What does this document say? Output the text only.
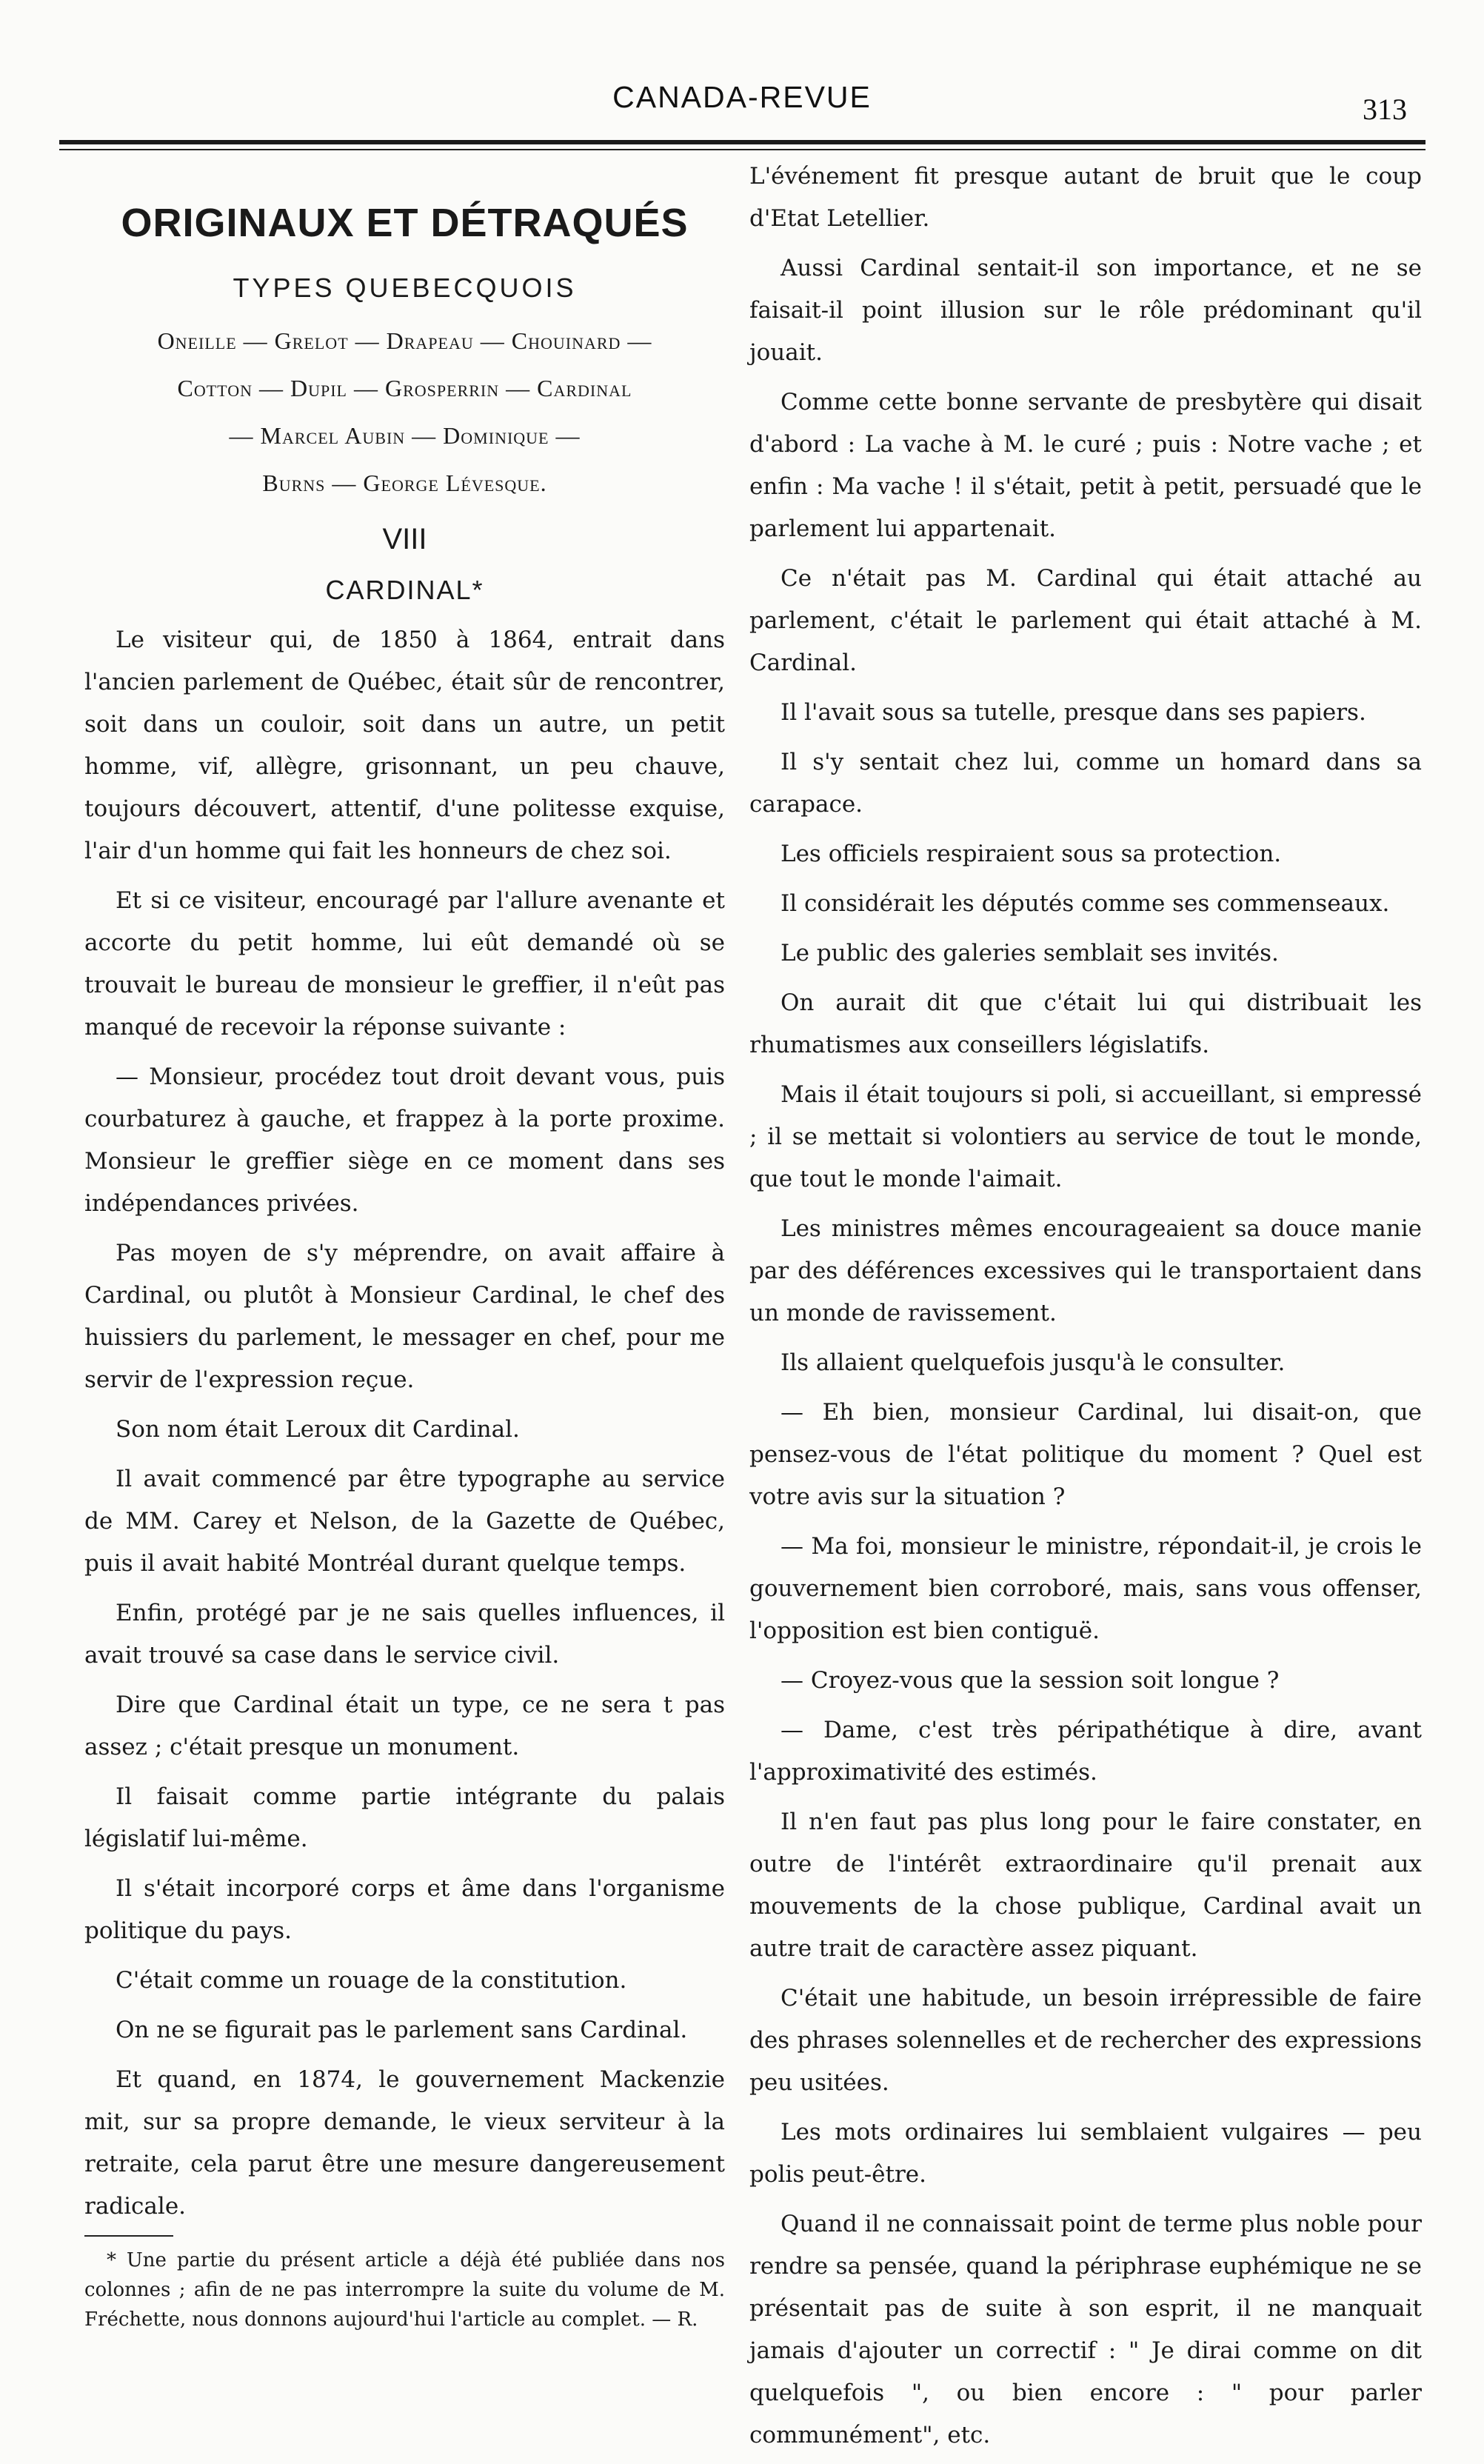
CANADA-REVUE	313
ORIGINAUX ET DÉTRAQUÉS
TYPES QUEBECQUOIS
Oneille — Grelot — Drapeau — Chouinard —
Cotton — Dupil — Grosperrin — Cardinal
— Marcel Aubin — Dominique —
Burns — George Lévesque.
VIII
CARDINAL*

Le visiteur qui, de 1850 à 1864, entrait dans l'ancien parlement de Québec, était sûr de rencontrer, soit dans un couloir, soit dans un autre, un petit homme, vif, allègre, grisonnant, un peu chauve, toujours découvert, attentif, d'une politesse exquise, l'air d'un homme qui fait les honneurs de chez soi.

Et si ce visiteur, encouragé par l'allure avenante et accorte du petit homme, lui eût demandé où se trouvait le bureau de monsieur le greffier, il n'eût pas manqué de recevoir la réponse suivante :

— Monsieur, procédez tout droit devant vous, puis courbaturez à gauche, et frappez à la porte proxime. Monsieur le greffier siège en ce moment dans ses indépendances privées.

Pas moyen de s'y méprendre, on avait affaire à Cardinal, ou plutôt à Monsieur Cardinal, le chef des huissiers du parlement, le messager en chef, pour me servir de l'expression reçue.

Son nom était Leroux dit Cardinal.

Il avait commencé par être typographe au service de MM. Carey et Nelson, de la Gazette de Québec, puis il avait habité Montréal durant quelque temps.

Enfin, protégé par je ne sais quelles influences, il avait trouvé sa case dans le service civil.

Dire que Cardinal était un type, ce ne sera t pas assez ; c'était presque un monument.

Il faisait comme partie intégrante du palais législatif lui-même.

Il s'était incorporé corps et âme dans l'organisme politique du pays.

C'était comme un rouage de la constitution.

On ne se figurait pas le parlement sans Cardinal.

Et quand, en 1874, le gouvernement Mackenzie mit, sur sa propre demande, le vieux serviteur à la retraite, cela parut être une mesure dangereusement radicale.

* Une partie du présent article a déjà été publiée dans nos colonnes ; afin de ne pas interrompre la suite du volume de M. Fréchette, nous donnons aujourd'hui l'article au complet. — R.

L'événement fit presque autant de bruit que le coup d'Etat Letellier.

Aussi Cardinal sentait-il son importance, et ne se faisait-il point illusion sur le rôle prédominant qu'il jouait.

Comme cette bonne servante de presbytère qui disait d'abord : La vache à M. le curé ; puis : Notre vache ; et enfin : Ma vache ! il s'était, petit à petit, persuadé que le parlement lui appartenait.

Ce n'était pas M. Cardinal qui était attaché au parlement, c'était le parlement qui était attaché à M. Cardinal.

Il l'avait sous sa tutelle, presque dans ses papiers.

Il s'y sentait chez lui, comme un homard dans sa carapace.

Les officiels respiraient sous sa protection.

Il considérait les députés comme ses commenseaux.

Le public des galeries semblait ses invités.

On aurait dit que c'était lui qui distribuait les rhumatismes aux conseillers législatifs.

Mais il était toujours si poli, si accueillant, si empressé ; il se mettait si volontiers au service de tout le monde, que tout le monde l'aimait.

Les ministres mêmes encourageaient sa douce manie par des déférences excessives qui le transportaient dans un monde de ravissement.

Ils allaient quelquefois jusqu'à le consulter.

— Eh bien, monsieur Cardinal, lui disait-on, que pensez-vous de l'état politique du moment ? Quel est votre avis sur la situation ?

— Ma foi, monsieur le ministre, répondait-il, je crois le gouvernement bien corroboré, mais, sans vous offenser, l'opposition est bien contiguë.

— Croyez-vous que la session soit longue ?

— Dame, c'est très péripathétique à dire, avant l'approximativité des estimés.

Il n'en faut pas plus long pour le faire constater, en outre de l'intérêt extraordinaire qu'il prenait aux mouvements de la chose publique, Cardinal avait un autre trait de caractère assez piquant.

C'était une habitude, un besoin irrépressible de faire des phrases solennelles et de rechercher des expressions peu usitées.

Les mots ordinaires lui semblaient vulgaires — peu polis peut-être.

Quand il ne connaissait point de terme plus noble pour rendre sa pensée, quand la périphrase euphémique ne se présentait pas de suite à son esprit, il ne manquait jamais d'ajouter un correctif : " Je dirai comme on dit quelquefois ", ou bien encore : " pour parler communément", etc.
